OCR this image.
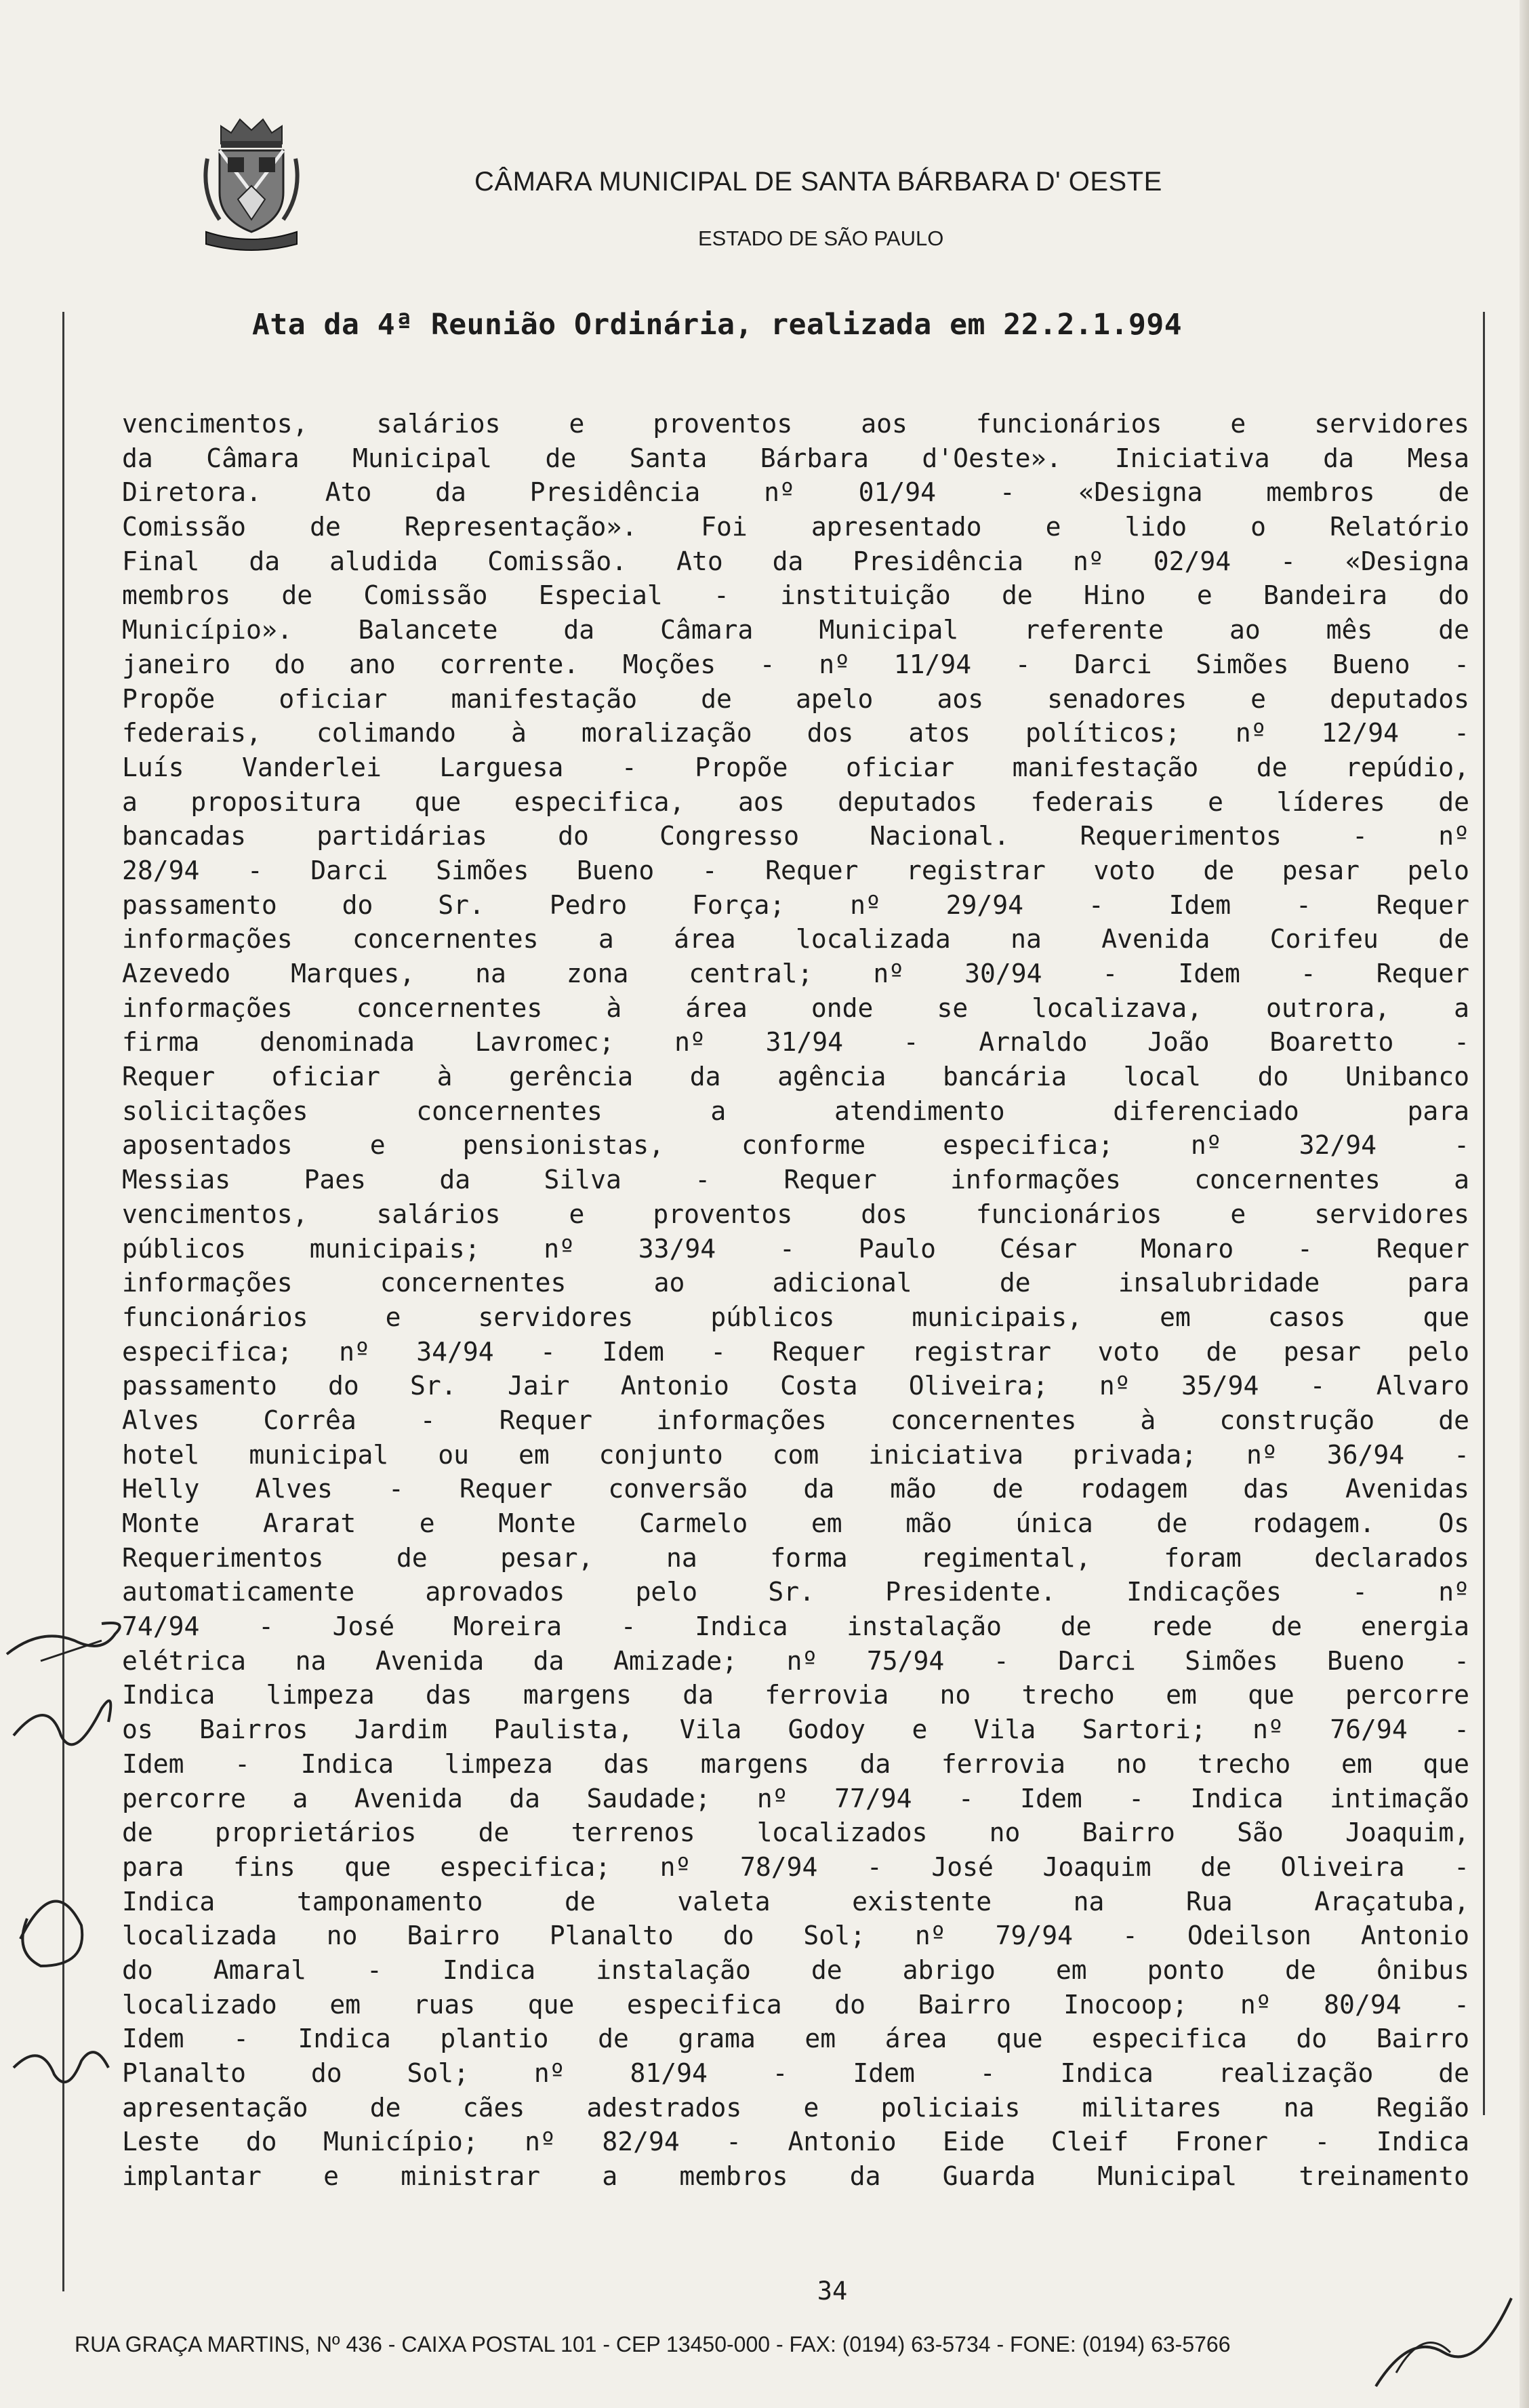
CÂMARA MUNICIPAL DE SANTA BÁRBARA D' OESTE
ESTADO DE SÃO PAULO
Ata da 4ª Reunião Ordinária, realizada em 22.2.1.994
vencimentos, salários e proventos aos funcionários e servidores
da Câmara Municipal de Santa Bárbara d'Oeste». Iniciativa da Mesa
Diretora. Ato da Presidência nº 01/94 - «Designa membros de
Comissão de Representação». Foi apresentado e lido o Relatório
Final da aludida Comissão. Ato da Presidência nº 02/94 - «Designa
membros de Comissão Especial - instituição de Hino e Bandeira do
Município». Balancete da Câmara Municipal referente ao mês de
janeiro do ano corrente. Moções - nº 11/94 - Darci Simões Bueno -
Propõe oficiar manifestação de apelo aos senadores e deputados
federais, colimando à moralização dos atos políticos; nº 12/94 -
Luís Vanderlei Larguesa - Propõe oficiar manifestação de repúdio,
a propositura que especifica, aos deputados federais e líderes de
bancadas partidárias do Congresso Nacional. Requerimentos - nº
28/94 - Darci Simões Bueno - Requer registrar voto de pesar pelo
passamento do Sr. Pedro Força; nº 29/94 - Idem - Requer
informações concernentes a área localizada na Avenida Corifeu de
Azevedo Marques, na zona central; nº 30/94 - Idem - Requer
informações concernentes à área onde se localizava, outrora, a
firma denominada Lavromec; nº 31/94 - Arnaldo João Boaretto -
Requer oficiar à gerência da agência bancária local do Unibanco
solicitações concernentes a atendimento diferenciado para
aposentados e pensionistas, conforme especifica; nº 32/94 -
Messias Paes da Silva - Requer informações concernentes a
vencimentos, salários e proventos dos funcionários e servidores
públicos municipais; nº 33/94 - Paulo César Monaro - Requer
informações concernentes ao adicional de insalubridade para
funcionários e servidores públicos municipais, em casos que
especifica; nº 34/94 - Idem - Requer registrar voto de pesar pelo
passamento do Sr. Jair Antonio Costa Oliveira; nº 35/94 - Alvaro
Alves Corrêa - Requer informações concernentes à construção de
hotel municipal ou em conjunto com iniciativa privada; nº 36/94 -
Helly Alves - Requer conversão da mão de rodagem das Avenidas
Monte Ararat e Monte Carmelo em mão única de rodagem. Os
Requerimentos de pesar, na forma regimental, foram declarados
automaticamente aprovados pelo Sr. Presidente. Indicações - nº
74/94 - José Moreira - Indica instalação de rede de energia
elétrica na Avenida da Amizade; nº 75/94 - Darci Simões Bueno -
Indica limpeza das margens da ferrovia no trecho em que percorre
os Bairros Jardim Paulista, Vila Godoy e Vila Sartori; nº 76/94 -
Idem - Indica limpeza das margens da ferrovia no trecho em que
percorre a Avenida da Saudade; nº 77/94 - Idem - Indica intimação
de proprietários de terrenos localizados no Bairro São Joaquim,
para fins que especifica; nº 78/94 - José Joaquim de Oliveira -
Indica tamponamento de valeta existente na Rua Araçatuba,
localizada no Bairro Planalto do Sol; nº 79/94 - Odeilson Antonio
do Amaral - Indica instalação de abrigo em ponto de ônibus
localizado em ruas que especifica do Bairro Inocoop; nº 80/94 -
Idem - Indica plantio de grama em área que especifica do Bairro
Planalto do Sol; nº 81/94 - Idem - Indica realização de
apresentação de cães adestrados e policiais militares na Região
Leste do Município; nº 82/94 - Antonio Eide Cleif Froner - Indica
implantar e ministrar a membros da Guarda Municipal treinamento
34
RUA GRAÇA MARTINS, Nº 436 - CAIXA POSTAL 101 - CEP 13450-000 - FAX: (0194) 63-5734 - FONE: (0194) 63-5766
